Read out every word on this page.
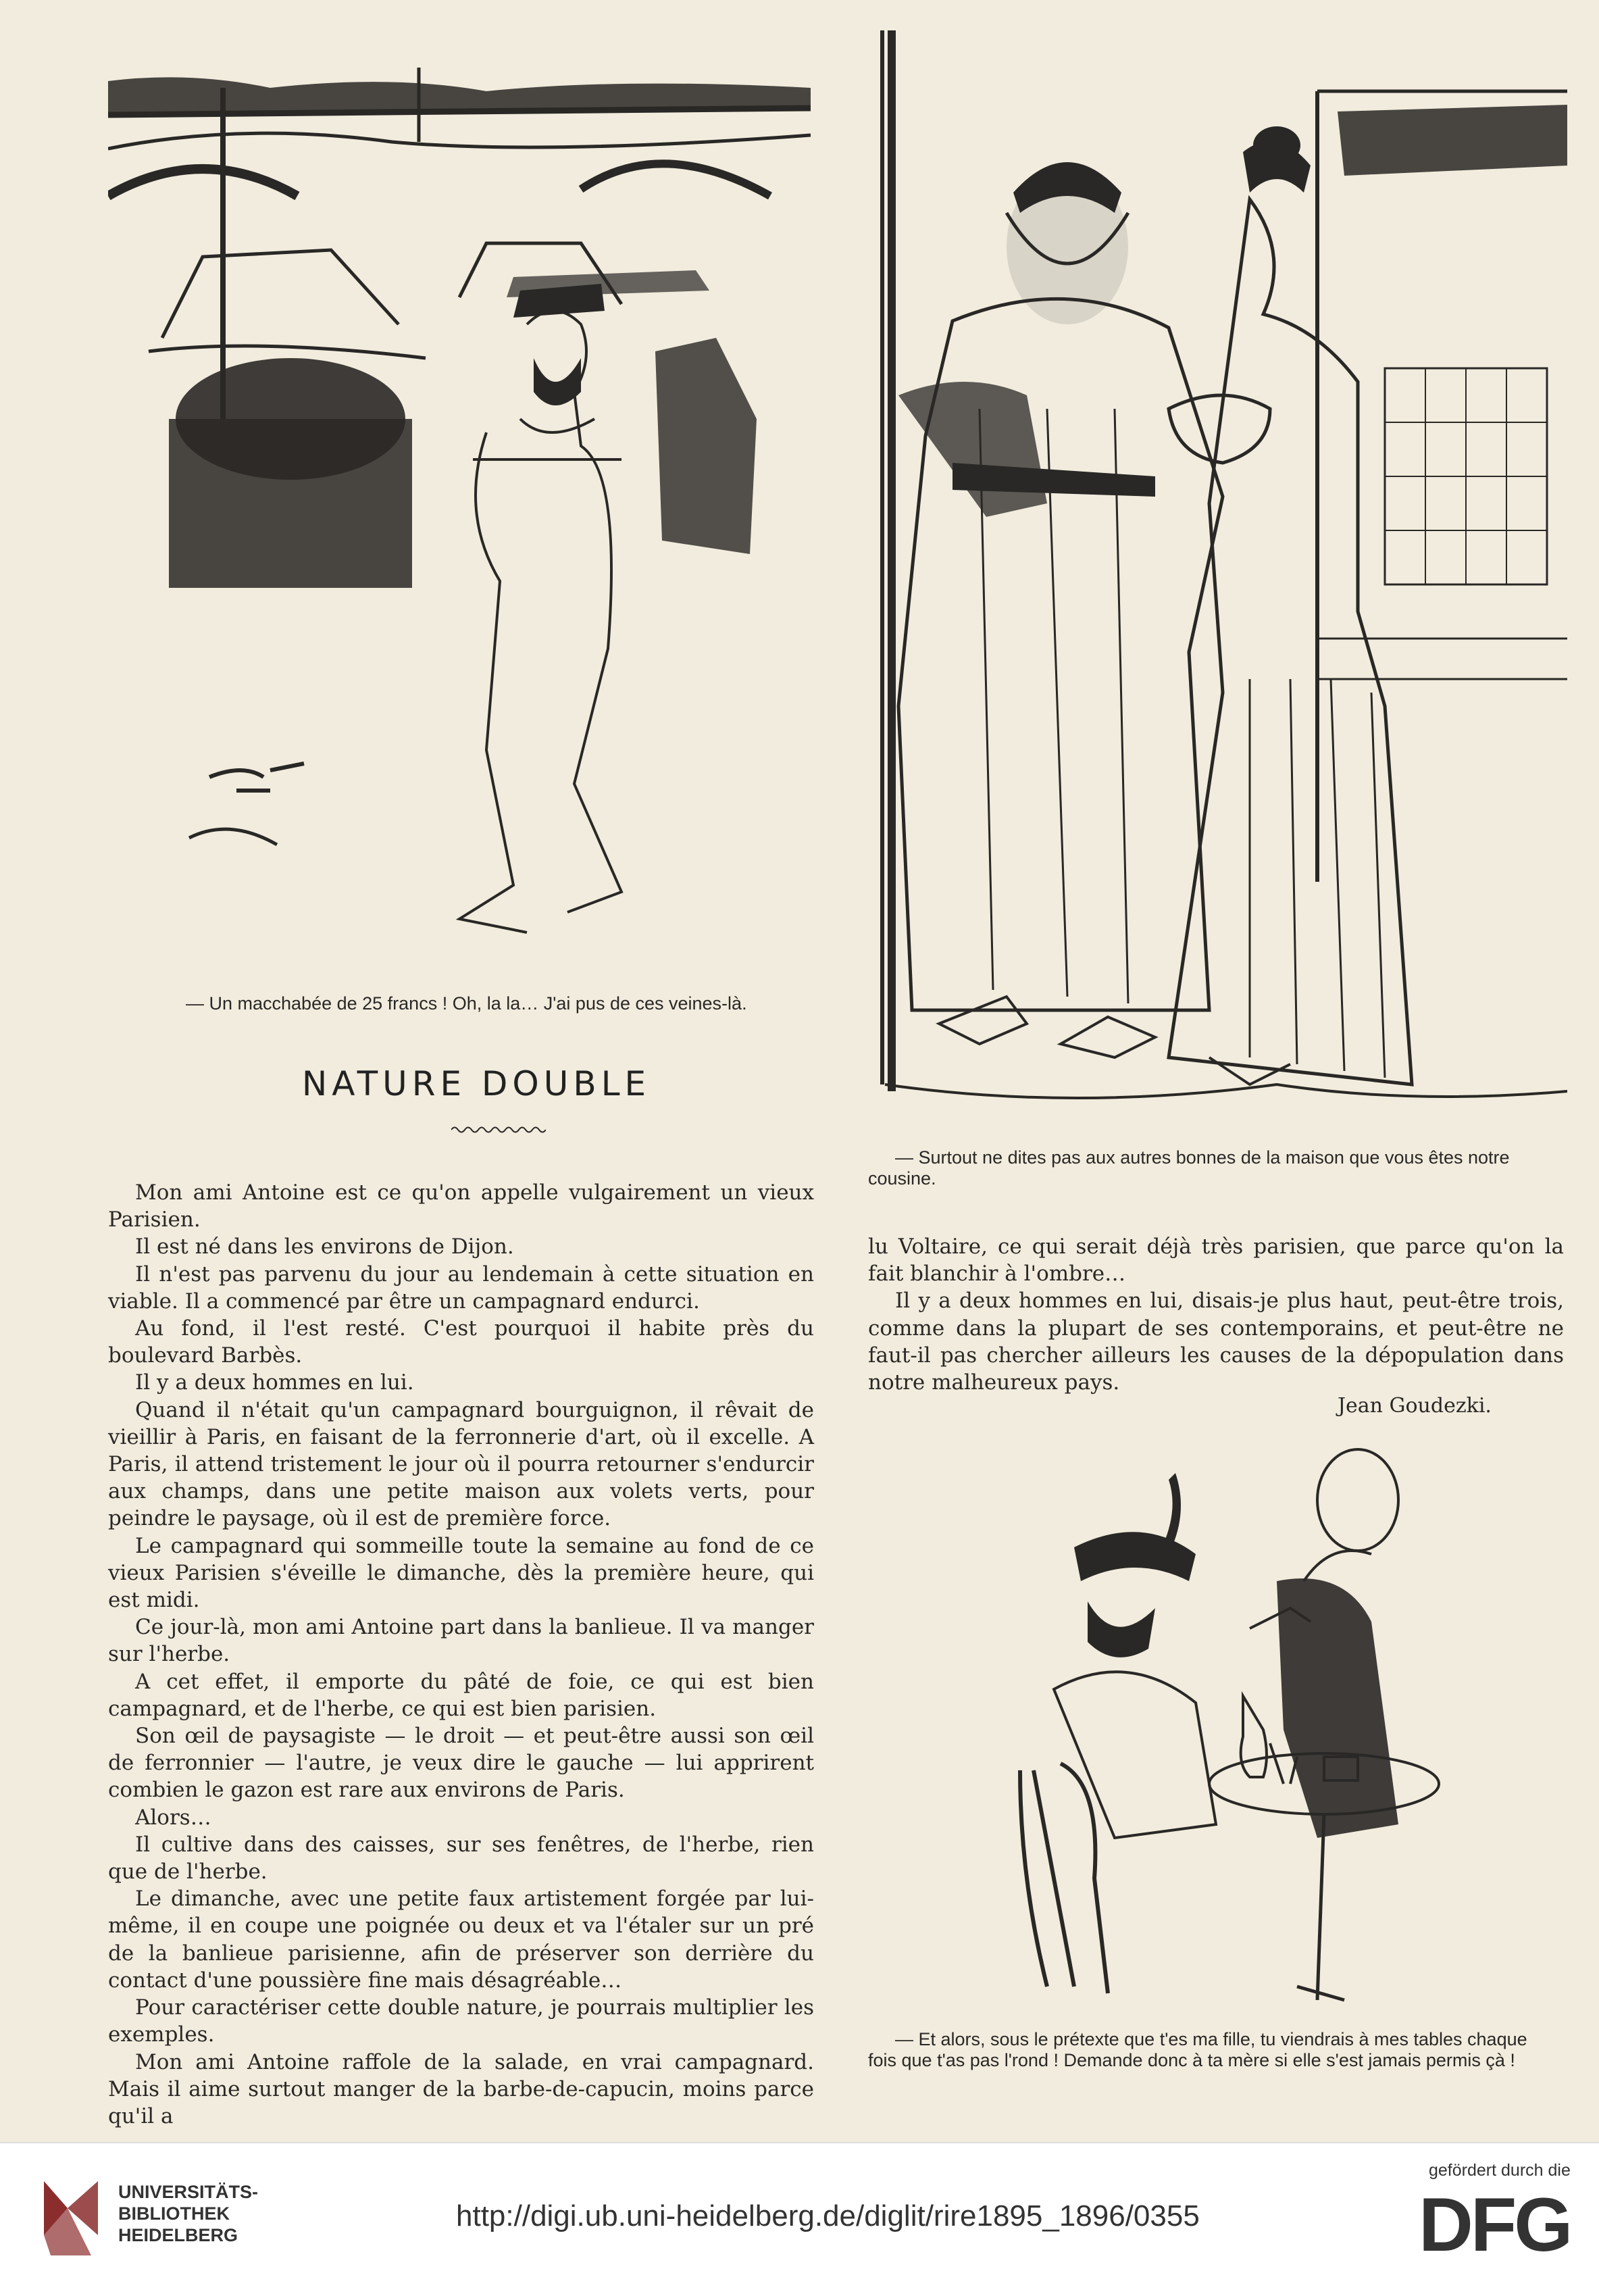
— Un macchabée de 25 francs ! Oh, la la… J'ai pus de ces veines-là.
NATURE DOUBLE

Mon ami Antoine est ce qu'on appelle vulgairement un vieux Parisien.

Il est né dans les environs de Dijon.

Il n'est pas parvenu du jour au lendemain à cette situation en viable. Il a commencé par être un campagnard endurci.

Au fond, il l'est resté. C'est pourquoi il habite près du boulevard Barbès.

Il y a deux hommes en lui.

Quand il n'était qu'un campagnard bourguignon, il rêvait de vieillir à Paris, en faisant de la ferronnerie d'art, où il excelle. A Paris, il attend tristement le jour où il pourra retourner s'endurcir aux champs, dans une petite maison aux volets verts, pour peindre le paysage, où il est de première force.

Le campagnard qui sommeille toute la semaine au fond de ce vieux Parisien s'éveille le dimanche, dès la première heure, qui est midi.

Ce jour-là, mon ami Antoine part dans la banlieue. Il va manger sur l'herbe.

A cet effet, il emporte du pâté de foie, ce qui est bien campagnard, et de l'herbe, ce qui est bien parisien.

Son œil de paysagiste — le droit — et peut-être aussi son œil de ferronnier — l'autre, je veux dire le gauche — lui apprirent combien le gazon est rare aux environs de Paris.

Alors…

Il cultive dans des caisses, sur ses fenêtres, de l'herbe, rien que de l'herbe.

Le dimanche, avec une petite faux artistement forgée par lui-même, il en coupe une poignée ou deux et va l'étaler sur un pré de la banlieue parisienne, afin de préserver son derrière du contact d'une poussière fine mais désagréable…

Pour caractériser cette double nature, je pourrais multiplier les exemples.

Mon ami Antoine raffole de la salade, en vrai campagnard. Mais il aime surtout manger de la barbe-de-capucin, moins parce qu'il a

— Surtout ne dites pas aux autres bonnes de la maison que vous êtes notre cousine.

lu Voltaire, ce qui serait déjà très parisien, que parce qu'on la fait blanchir à l'ombre…

Il y a deux hommes en lui, disais-je plus haut, peut-être trois, comme dans la plupart de ses contemporains, et peut-être ne faut-il pas chercher ailleurs les causes de la dépopulation dans notre malheureux pays.

Jean Goudezki.
— Et alors, sous le prétexte que t'es ma fille, tu viendrais à mes tables chaque fois que t'as pas l'rond ! Demande donc à ta mère si elle s'est jamais permis çà !
UNIVERSITÄTS-
BIBLIOTHEK
HEIDELBERG
http://digi.ub.uni-heidelberg.de/diglit/rire1895_1896/0355
gefördert durch die
DFG
